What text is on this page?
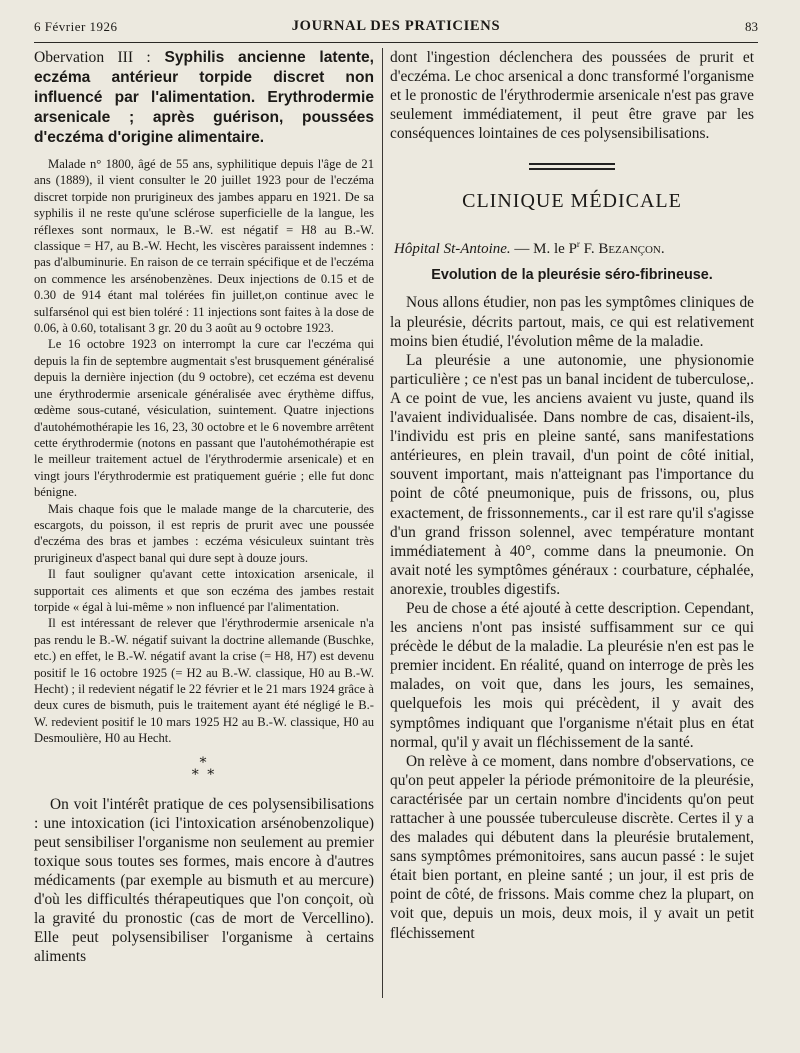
6 Février 1926	JOURNAL DES PRATICIENS	83

Obervation III : Syphilis ancienne latente, eczéma antérieur torpide discret non influencé par l'alimentation. Erythrodermie arsenicale ; après guérison, poussées d'eczéma d'origine alimentaire.

Malade n° 1800, âgé de 55 ans, syphilitique depuis l'âge de 21 ans (1889), il vient consulter le 20 juillet 1923 pour de l'eczéma discret torpide non prurigineux des jambes apparu en 1921. De sa syphilis il ne reste qu'une sclérose superficielle de la langue, les réflexes sont normaux, le B.-W. est négatif = H8 au B.-W. classique = H7, au B.-W. Hecht, les viscères paraissent indemnes : pas d'albuminurie. En raison de ce terrain spécifique et de l'eczéma on commence les arsénobenzènes. Deux injections de 0.15 et de 0.30 de 914 étant mal tolérées fin juillet,on continue avec le sulfarsénol qui est bien toléré : 11 injections sont faites à la dose de 0.06, à 0.60, totalisant 3 gr. 20 du 3 août au 9 octobre 1923.

Le 16 octobre 1923 on interrompt la cure car l'eczéma qui depuis la fin de septembre augmentait s'est brusquement généralisé depuis la dernière injection (du 9 octobre), cet eczéma est devenu une érythrodermie arsenicale généralisée avec érythème diffus, œdème sous-cutané, vésiculation, suintement. Quatre injections d'autohémothérapie les 16, 23, 30 octobre et le 6 novembre arrêtent cette érythrodermie (notons en passant que l'autohémothérapie est le meilleur traitement actuel de l'érythrodermie arsenicale) et en vingt jours l'érythrodermie est pratiquement guérie ; elle fut donc bénigne.

Mais chaque fois que le malade mange de la charcuterie, des escargots, du poisson, il est repris de prurit avec une poussée d'eczéma des bras et jambes : eczéma vésiculeux suintant très prurigineux d'aspect banal qui dure sept à douze jours.

Il faut souligner qu'avant cette intoxication arsenicale, il supportait ces aliments et que son eczéma des jambes restait torpide « égal à lui-même » non influencé par l'alimentation.

Il est intéressant de relever que l'érythrodermie arsenicale n'a pas rendu le B.-W. négatif suivant la doctrine allemande (Buschke, etc.) en effet, le B.-W. négatif avant la crise (= H8, H7) est devenu positif le 16 octobre 1925 (= H2 au B.-W. classique, H0 au B.-W. Hecht) ; il redevient négatif le 22 février et le 21 mars 1924 grâce à deux cures de bismuth, puis le traitement ayant été négligé le B.-W. redevient positif le 10 mars 1925 H2 au B.-W. classique, H0 au Desmoulière, H0 au Hecht.

*
* *

On voit l'intérêt pratique de ces polysensibilisations : une intoxication (ici l'intoxication arsénobenzolique) peut sensibiliser l'organisme non seulement au premier toxique sous toutes ses formes, mais encore à d'autres médicaments (par exemple au bismuth et au mercure) d'où les difficultés thérapeutiques que l'on conçoit, où la gravité du pronostic (cas de mort de Vercellino). Elle peut polysensibiliser l'organisme à certains aliments

dont l'ingestion déclenchera des poussées de prurit et d'eczéma. Le choc arsenical a donc transformé l'organisme et le pronostic de l'érythrodermie arsenicale n'est pas grave seulement immédiatement, il peut être grave par les conséquences lointaines de ces polysensibilisations.

CLINIQUE MÉDICALE

Hôpital St-Antoine. — M. le $P^r$ F. Bezançon.

Evolution de la pleurésie séro-fibrineuse.

Nous allons étudier, non pas les symptômes cliniques de la pleurésie, décrits partout, mais, ce qui est relativement moins bien étudié, l'évolution même de la maladie.

La pleurésie a une autonomie, une physionomie particulière ; ce n'est pas un banal incident de tuberculose,. A ce point de vue, les anciens avaient vu juste, quand ils l'avaient individualisée. Dans nombre de cas, disaient-ils, l'individu est pris en pleine santé, sans manifestations antérieures, en plein travail, d'un point de côté initial, souvent important, mais n'atteignant pas l'importance du point de côté pneumonique, puis de frissons, ou, plus exactement, de frissonnements., car il est rare qu'il s'agisse d'un grand frisson solennel, avec température montant immédiatement à 40°, comme dans la pneumonie. On avait noté les symptômes généraux : courbature, céphalée, anorexie, troubles digestifs.

Peu de chose a été ajouté à cette description. Cependant, les anciens n'ont pas insisté suffisamment sur ce qui précède le début de la maladie. La pleurésie n'en est pas le premier incident. En réalité, quand on interroge de près les malades, on voit que, dans les jours, les semaines, quelquefois les mois qui précèdent, il y avait des symptômes indiquant que l'organisme n'était plus en état normal, qu'il y avait un fléchissement de la santé.

On relève à ce moment, dans nombre d'observations, ce qu'on peut appeler la période prémonitoire de la pleurésie, caractérisée par un certain nombre d'incidents qu'on peut rattacher à une poussée tuberculeuse discrète. Certes il y a des malades qui débutent dans la pleurésie brutalement, sans symptômes prémonitoires, sans aucun passé : le sujet était bien portant, en pleine santé ; un jour, il est pris de point de côté, de frissons. Mais comme chez la plupart, on voit que, depuis un mois, deux mois, il y avait un petit fléchissement
